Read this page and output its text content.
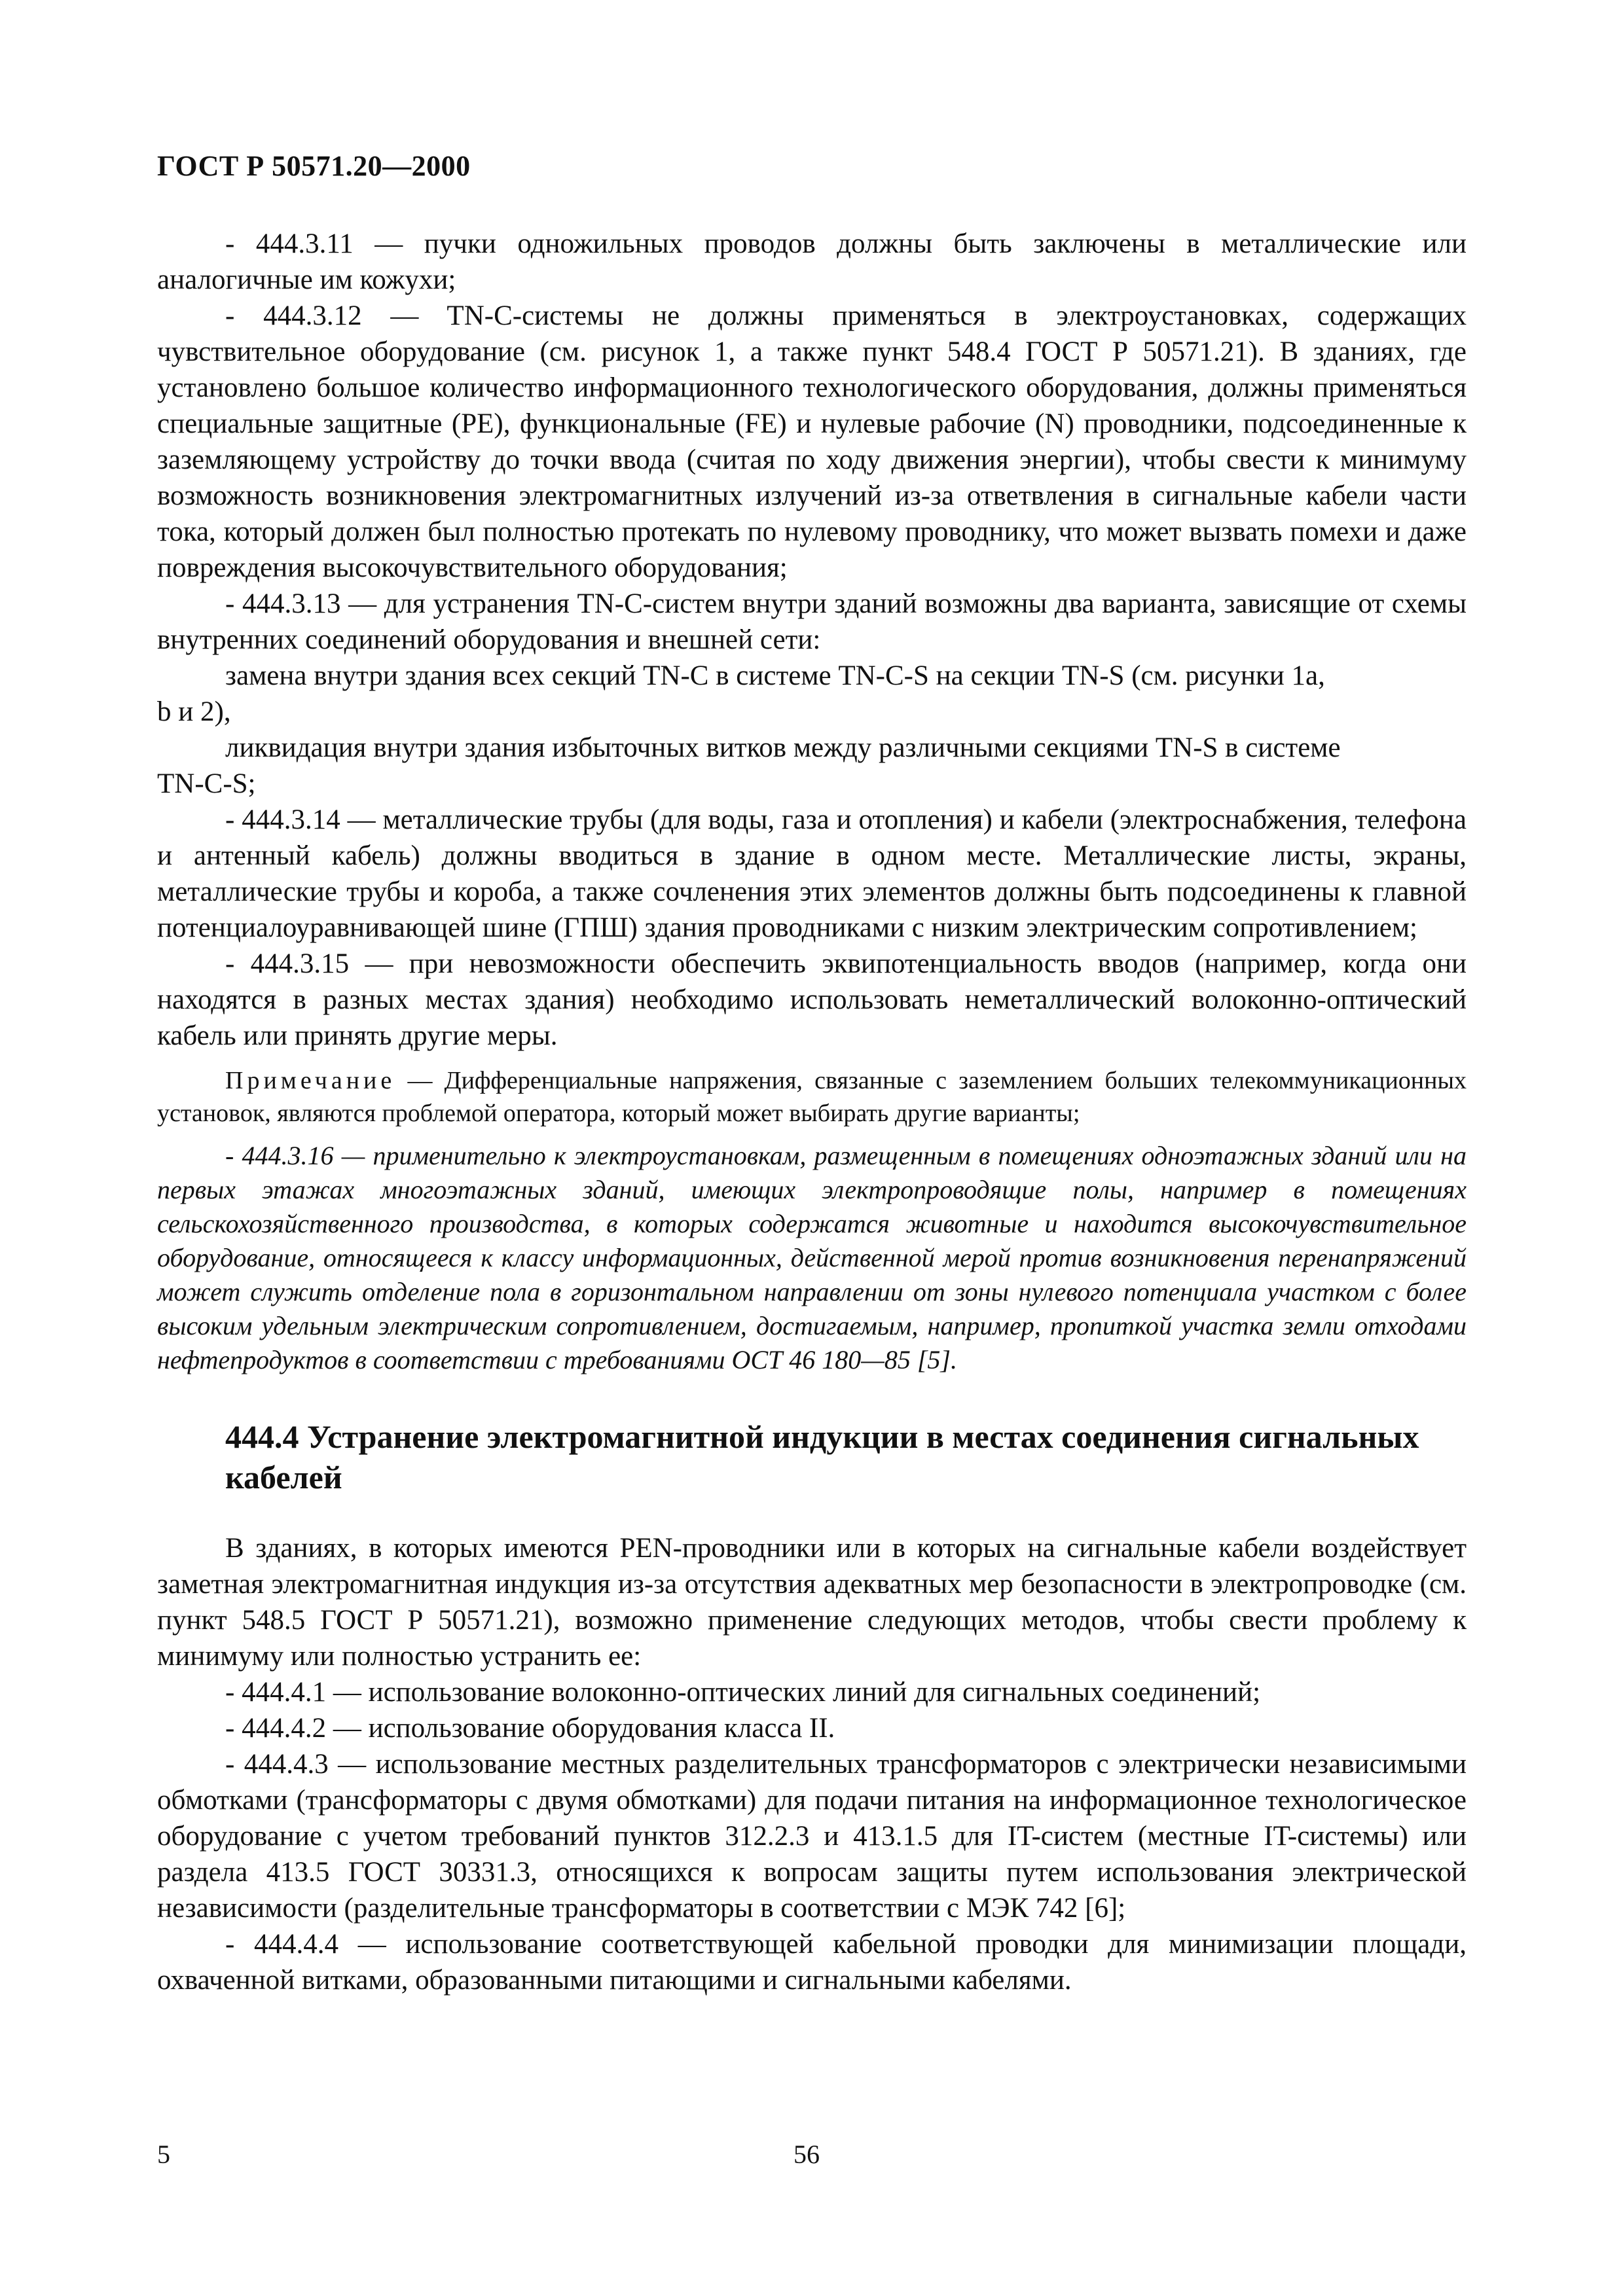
ГОСТ Р 50571.20—2000

- 444.3.11 — пучки одножильных проводов должны быть заключены в металлические или аналогичные им кожухи;

- 444.3.12 — TN-C-системы не должны применяться в электроустановках, содержащих чувствительное оборудование (см. рисунок 1, а также пункт 548.4 ГОСТ Р 50571.21). В зданиях, где установлено большое количество информационного технологического оборудования, должны применяться специальные защитные (PE), функциональные (FE) и нулевые рабочие (N) проводники, подсоединенные к заземляющему устройству до точки ввода (считая по ходу движения энергии), чтобы свести к минимуму возможность возникновения электромагнитных излучений из-за ответвления в сигнальные кабели части тока, который должен был полностью протекать по нулевому проводнику, что может вызвать помехи и даже повреждения высокочувствительного оборудования;

- 444.3.13 — для устранения TN-C-систем внутри зданий возможны два варианта, зависящие от схемы внутренних соединений оборудования и внешней сети:

замена внутри здания всех секций TN-C в системе TN-C-S на секции TN-S (см. рисунки 1a,

b и 2),

ликвидация внутри здания избыточных витков между различными секциями TN-S в системе

TN-C-S;

- 444.3.14 — металлические трубы (для воды, газа и отопления) и кабели (электроснабжения, телефона и антенный кабель) должны вводиться в здание в одном месте. Металлические листы, экраны, металлические трубы и короба, а также сочленения этих элементов должны быть подсоединены к главной потенциалоуравнивающей шине (ГПШ) здания проводниками с низким электрическим сопротивлением;

- 444.3.15 — при невозможности обеспечить эквипотенциальность вводов (например, когда они находятся в разных местах здания) необходимо использовать неметаллический волоконно-оптический кабель или принять другие меры.

Примечание — Дифференциальные напряжения, связанные с заземлением больших телекоммуникационных установок, являются проблемой оператора, который может выбирать другие варианты;

- 444.3.16 — применительно к электроустановкам, размещенным в помещениях одноэтажных зданий или на первых этажах многоэтажных зданий, имеющих электропроводящие полы, например в помещениях сельскохозяйственного производства, в которых содержатся животные и находится высокочувствительное оборудование, относящееся к классу информационных, действенной мерой против возникновения перенапряжений может служить отделение пола в горизонтальном направлении от зоны нулевого потенциала участком с более высоким удельным электрическим сопротивлением, достигаемым, например, пропиткой участка земли отходами нефтепродуктов в соответствии с требованиями ОСТ 46 180—85 [5].

444.4 Устранение электромагнитной индукции в местах соединения сигнальных кабелей

В зданиях, в которых имеются PEN-проводники или в которых на сигнальные кабели воздействует заметная электромагнитная индукция из-за отсутствия адекватных мер безопасности в электропроводке (см. пункт 548.5 ГОСТ Р 50571.21), возможно применение следующих методов, чтобы свести проблему к минимуму или полностью устранить ее:

- 444.4.1 — использование волоконно-оптических линий для сигнальных соединений;

- 444.4.2 — использование оборудования класса II.

- 444.4.3 — использование местных разделительных трансформаторов с электрически независимыми обмотками (трансформаторы с двумя обмотками) для подачи питания на информационное технологическое оборудование с учетом требований пунктов 312.2.3 и 413.1.5 для IT-систем (местные IT-системы) или раздела 413.5 ГОСТ 30331.3, относящихся к вопросам защиты путем использования электрической независимости (разделительные трансформаторы в соответствии с МЭК 742 [6];

- 444.4.4 — использование соответствующей кабельной проводки для минимизации площади, охваченной витками, образованными питающими и сигнальными кабелями.

5	56
